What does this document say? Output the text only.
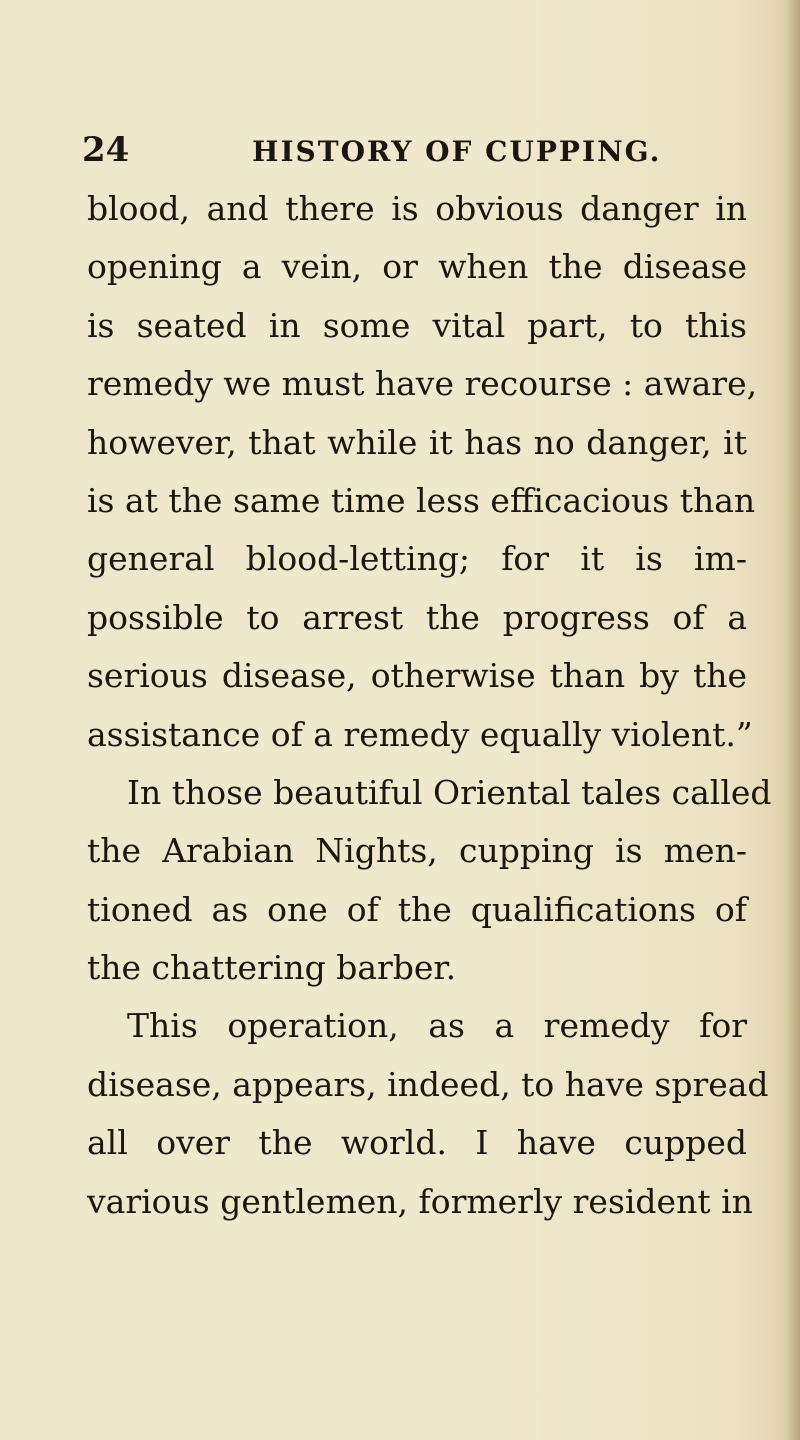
24	HISTORY OF CUPPING.
blood, and there is obvious danger in
opening a vein, or when the disease
is seated in some vital part, to this
remedy we must have recourse : aware,
however, that while it has no danger, it
is at the same time less efficacious than
general blood-letting; for it is im-
possible to arrest the progress of a
serious disease, otherwise than by the
assistance of a remedy equally violent.”
In those beautiful Oriental tales called
the Arabian Nights, cupping is men-
tioned as one of the qualifications of
the chattering barber.
This operation, as a remedy for
disease, appears, indeed, to have spread
all over the world. I have cupped
various gentlemen, formerly resident in
